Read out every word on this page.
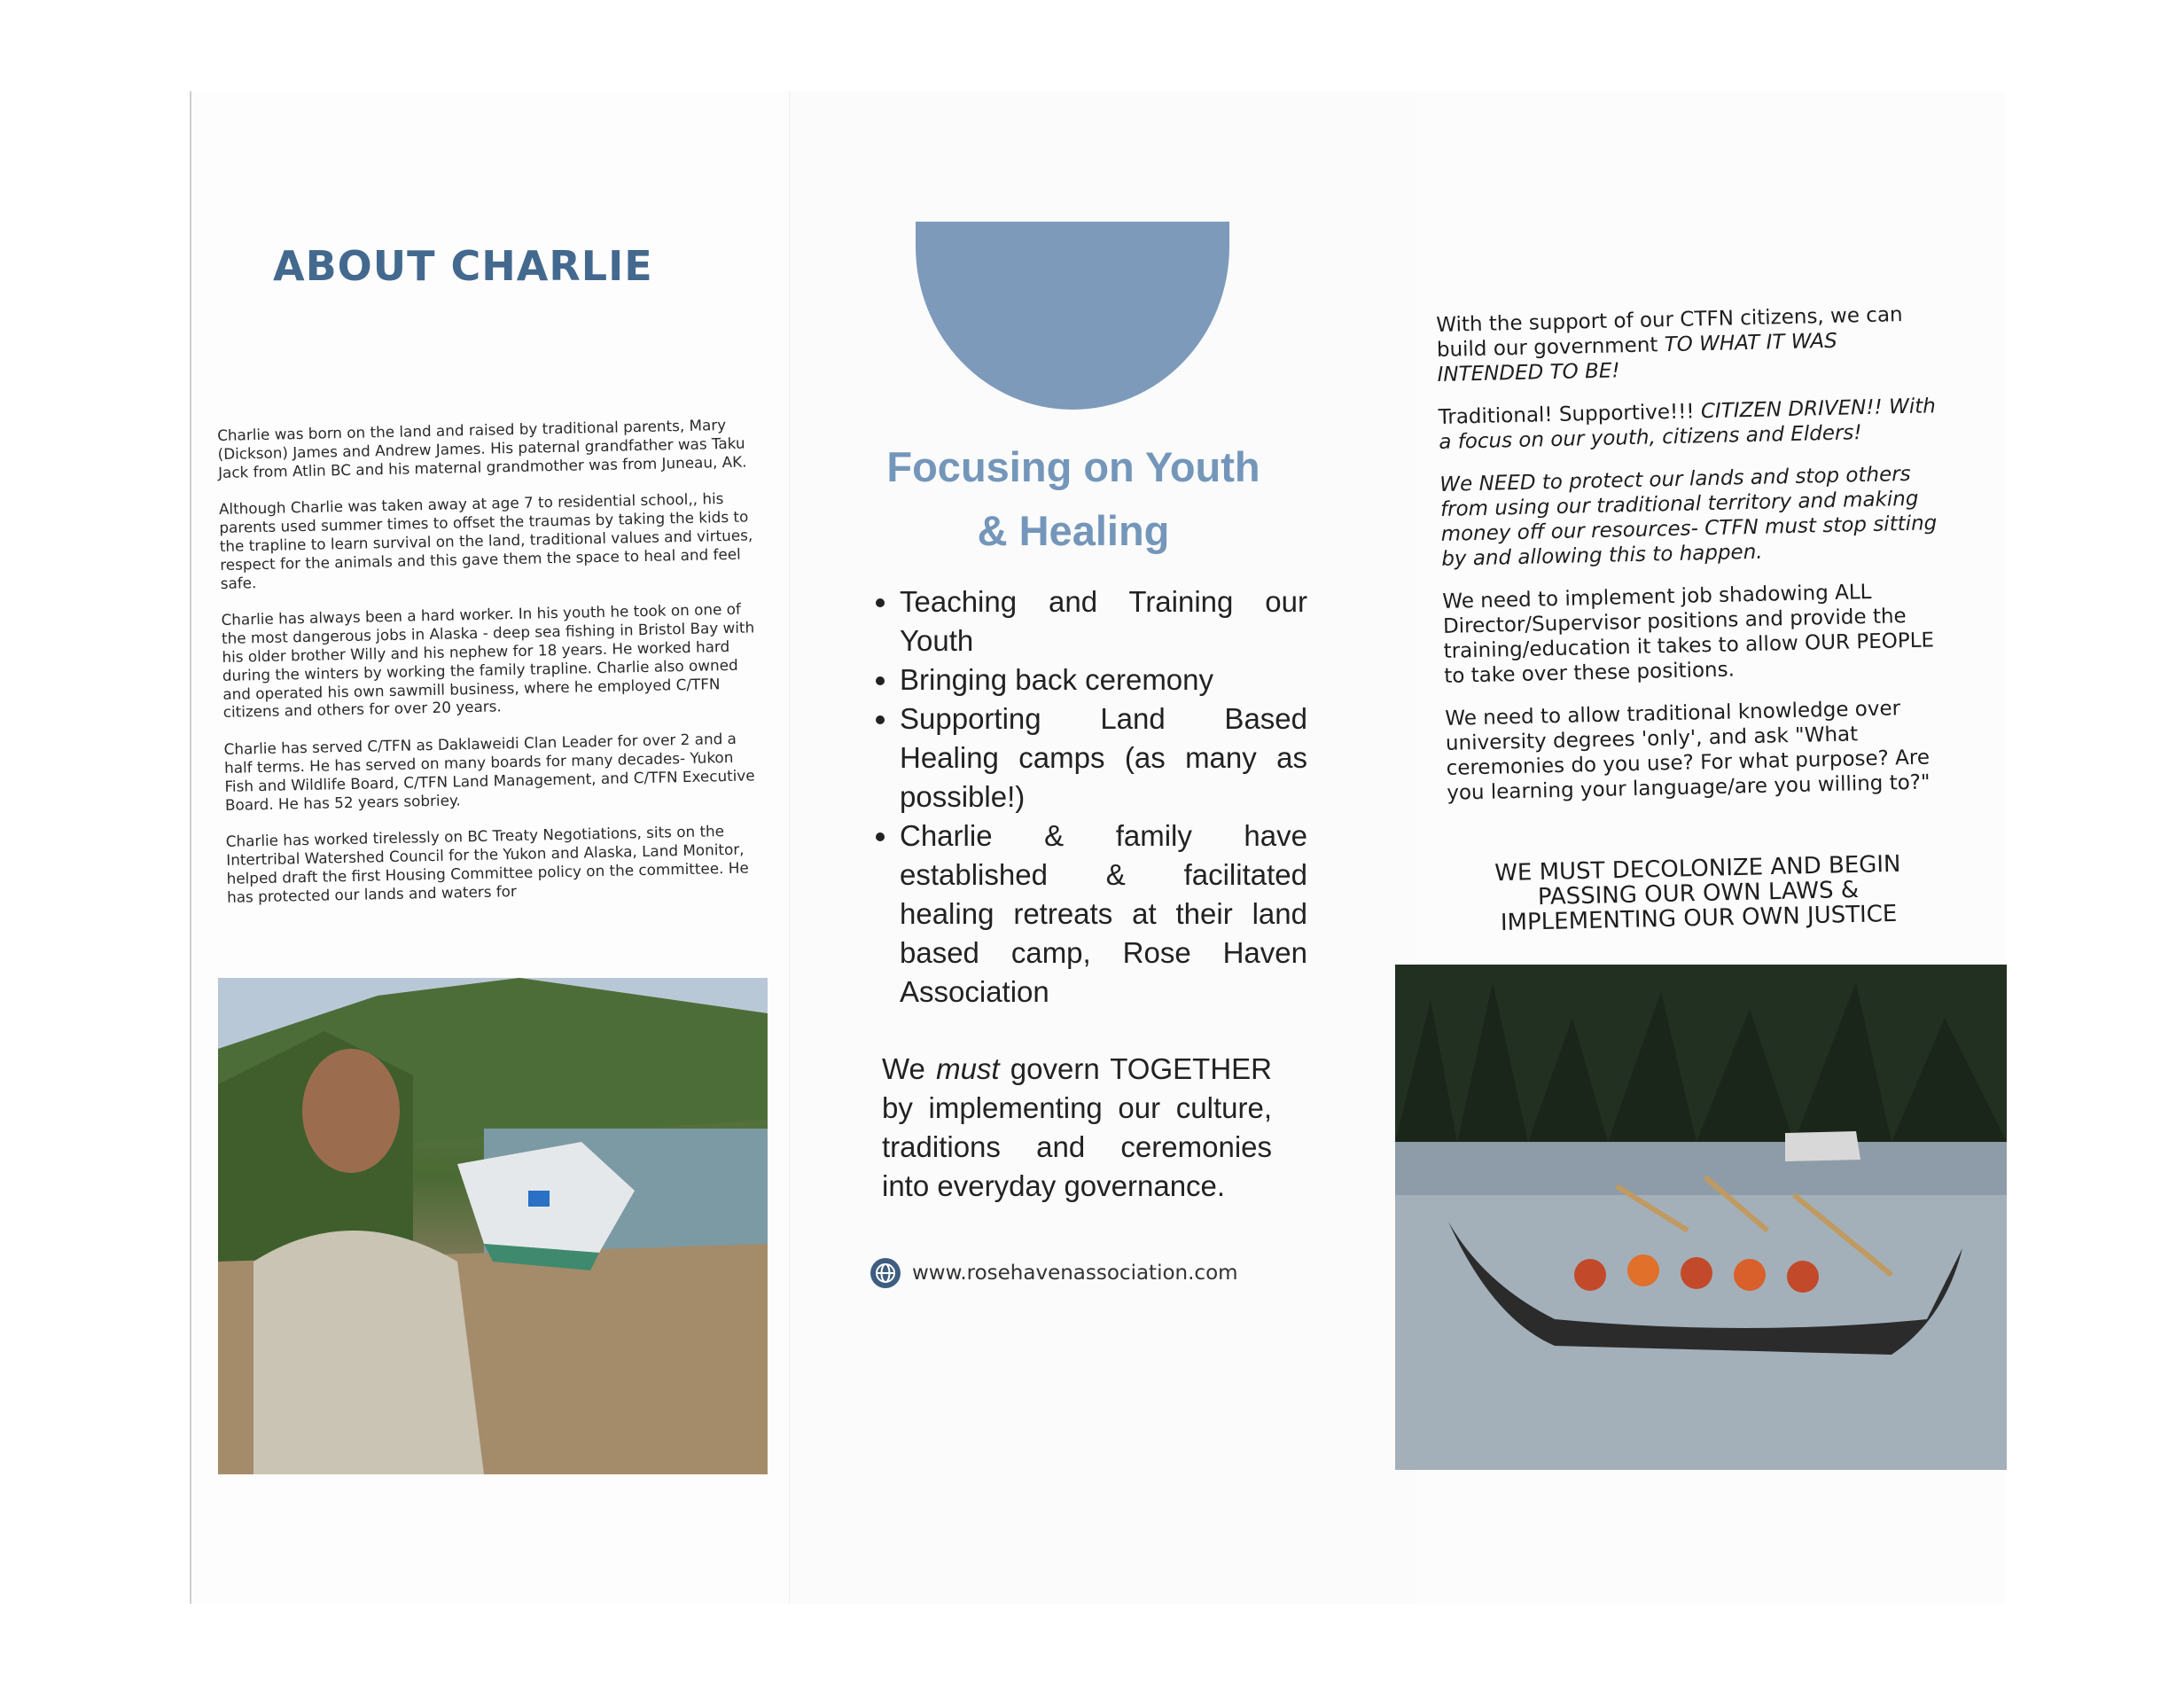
ABOUT CHARLIE

Charlie was born on the land and raised by traditional parents, Mary (Dickson) James and Andrew James. His paternal grandfather was Taku Jack from Atlin BC and his maternal grandmother was from Juneau, AK.

Although Charlie was taken away at age 7 to residential school,, his parents used summer times to offset the traumas by taking the kids to the trapline to learn survival on the land, traditional values and virtues, respect for the animals and this gave them the space to heal and feel safe.

Charlie has always been a hard worker. In his youth he took on one of the most dangerous jobs in Alaska - deep sea fishing in Bristol Bay with his older brother Willy and his nephew for 18 years. He worked hard during the winters by working the family trapline. Charlie also owned and operated his own sawmill business, where he employed C/TFN citizens and others for over 20 years.

Charlie has served C/TFN as Daklaweidi Clan Leader for over 2 and a half terms. He has served on many boards for many decades- Yukon Fish and Wildlife Board, C/TFN Land Management, and C/TFN Executive Board. He has 52 years sobriey.

Charlie has worked tirelessly on BC Treaty Negotiations, sits on the Intertribal Watershed Council for the Yukon and Alaska, Land Monitor, helped draft the first Housing Committee policy on the committee. He has protected our lands and waters for

Focusing on Youth
& Healing
• Teaching and Training our Youth
• Bringing back ceremony
• Supporting Land Based Healing camps (as many as possible!)
• Charlie & family have established & facilitated healing retreats at their land based camp, Rose Haven Association

We must govern TOGETHER by implementing our culture, traditions and ceremonies into everyday governance.

www.rosehavenassociation.com

With the support of our CTFN citizens, we can build our government TO WHAT IT WAS INTENDED TO BE!

Traditional! Supportive!!! CITIZEN DRIVEN!! With a focus on our youth, citizens and Elders!

We NEED to protect our lands and stop others from using our traditional territory and making money off our resources- CTFN must stop sitting by and allowing this to happen.

We need to implement job shadowing ALL Director/Supervisor positions and provide the training/education it takes to allow OUR PEOPLE to take over these positions.

We need to allow traditional knowledge over university degrees 'only', and ask "What ceremonies do you use? For what purpose? Are you learning your language/are you willing to?"

WE MUST DECOLONIZE AND BEGIN
PASSING OUR OWN LAWS &
IMPLEMENTING OUR OWN JUSTICE
